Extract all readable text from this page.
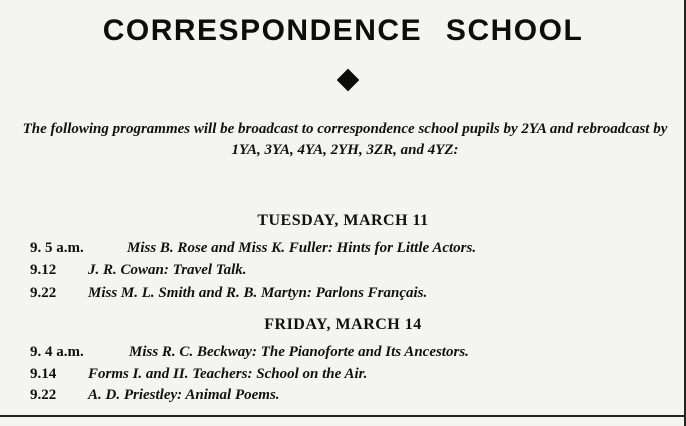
CORRESPONDENCE SCHOOL
The following programmes will be broadcast to correspondence school pupils by 2YA and rebroadcast by 1YA, 3YA, 4YA, 2YH, 3ZR, and 4YZ:
TUESDAY, MARCH 11
9. 5 a.m.	Miss B. Rose and Miss K. Fuller: Hints for Little Actors.
9.12 J. R. Cowan: Travel Talk.
9.22 Miss M. L. Smith and R. B. Martyn: Parlons Français.
FRIDAY, MARCH 14
9. 4 a.m.	Miss R. C. Beckway: The Pianoforte and Its Ancestors.
9.14 Forms I. and II. Teachers: School on the Air.
9.22 A. D. Priestley: Animal Poems.
